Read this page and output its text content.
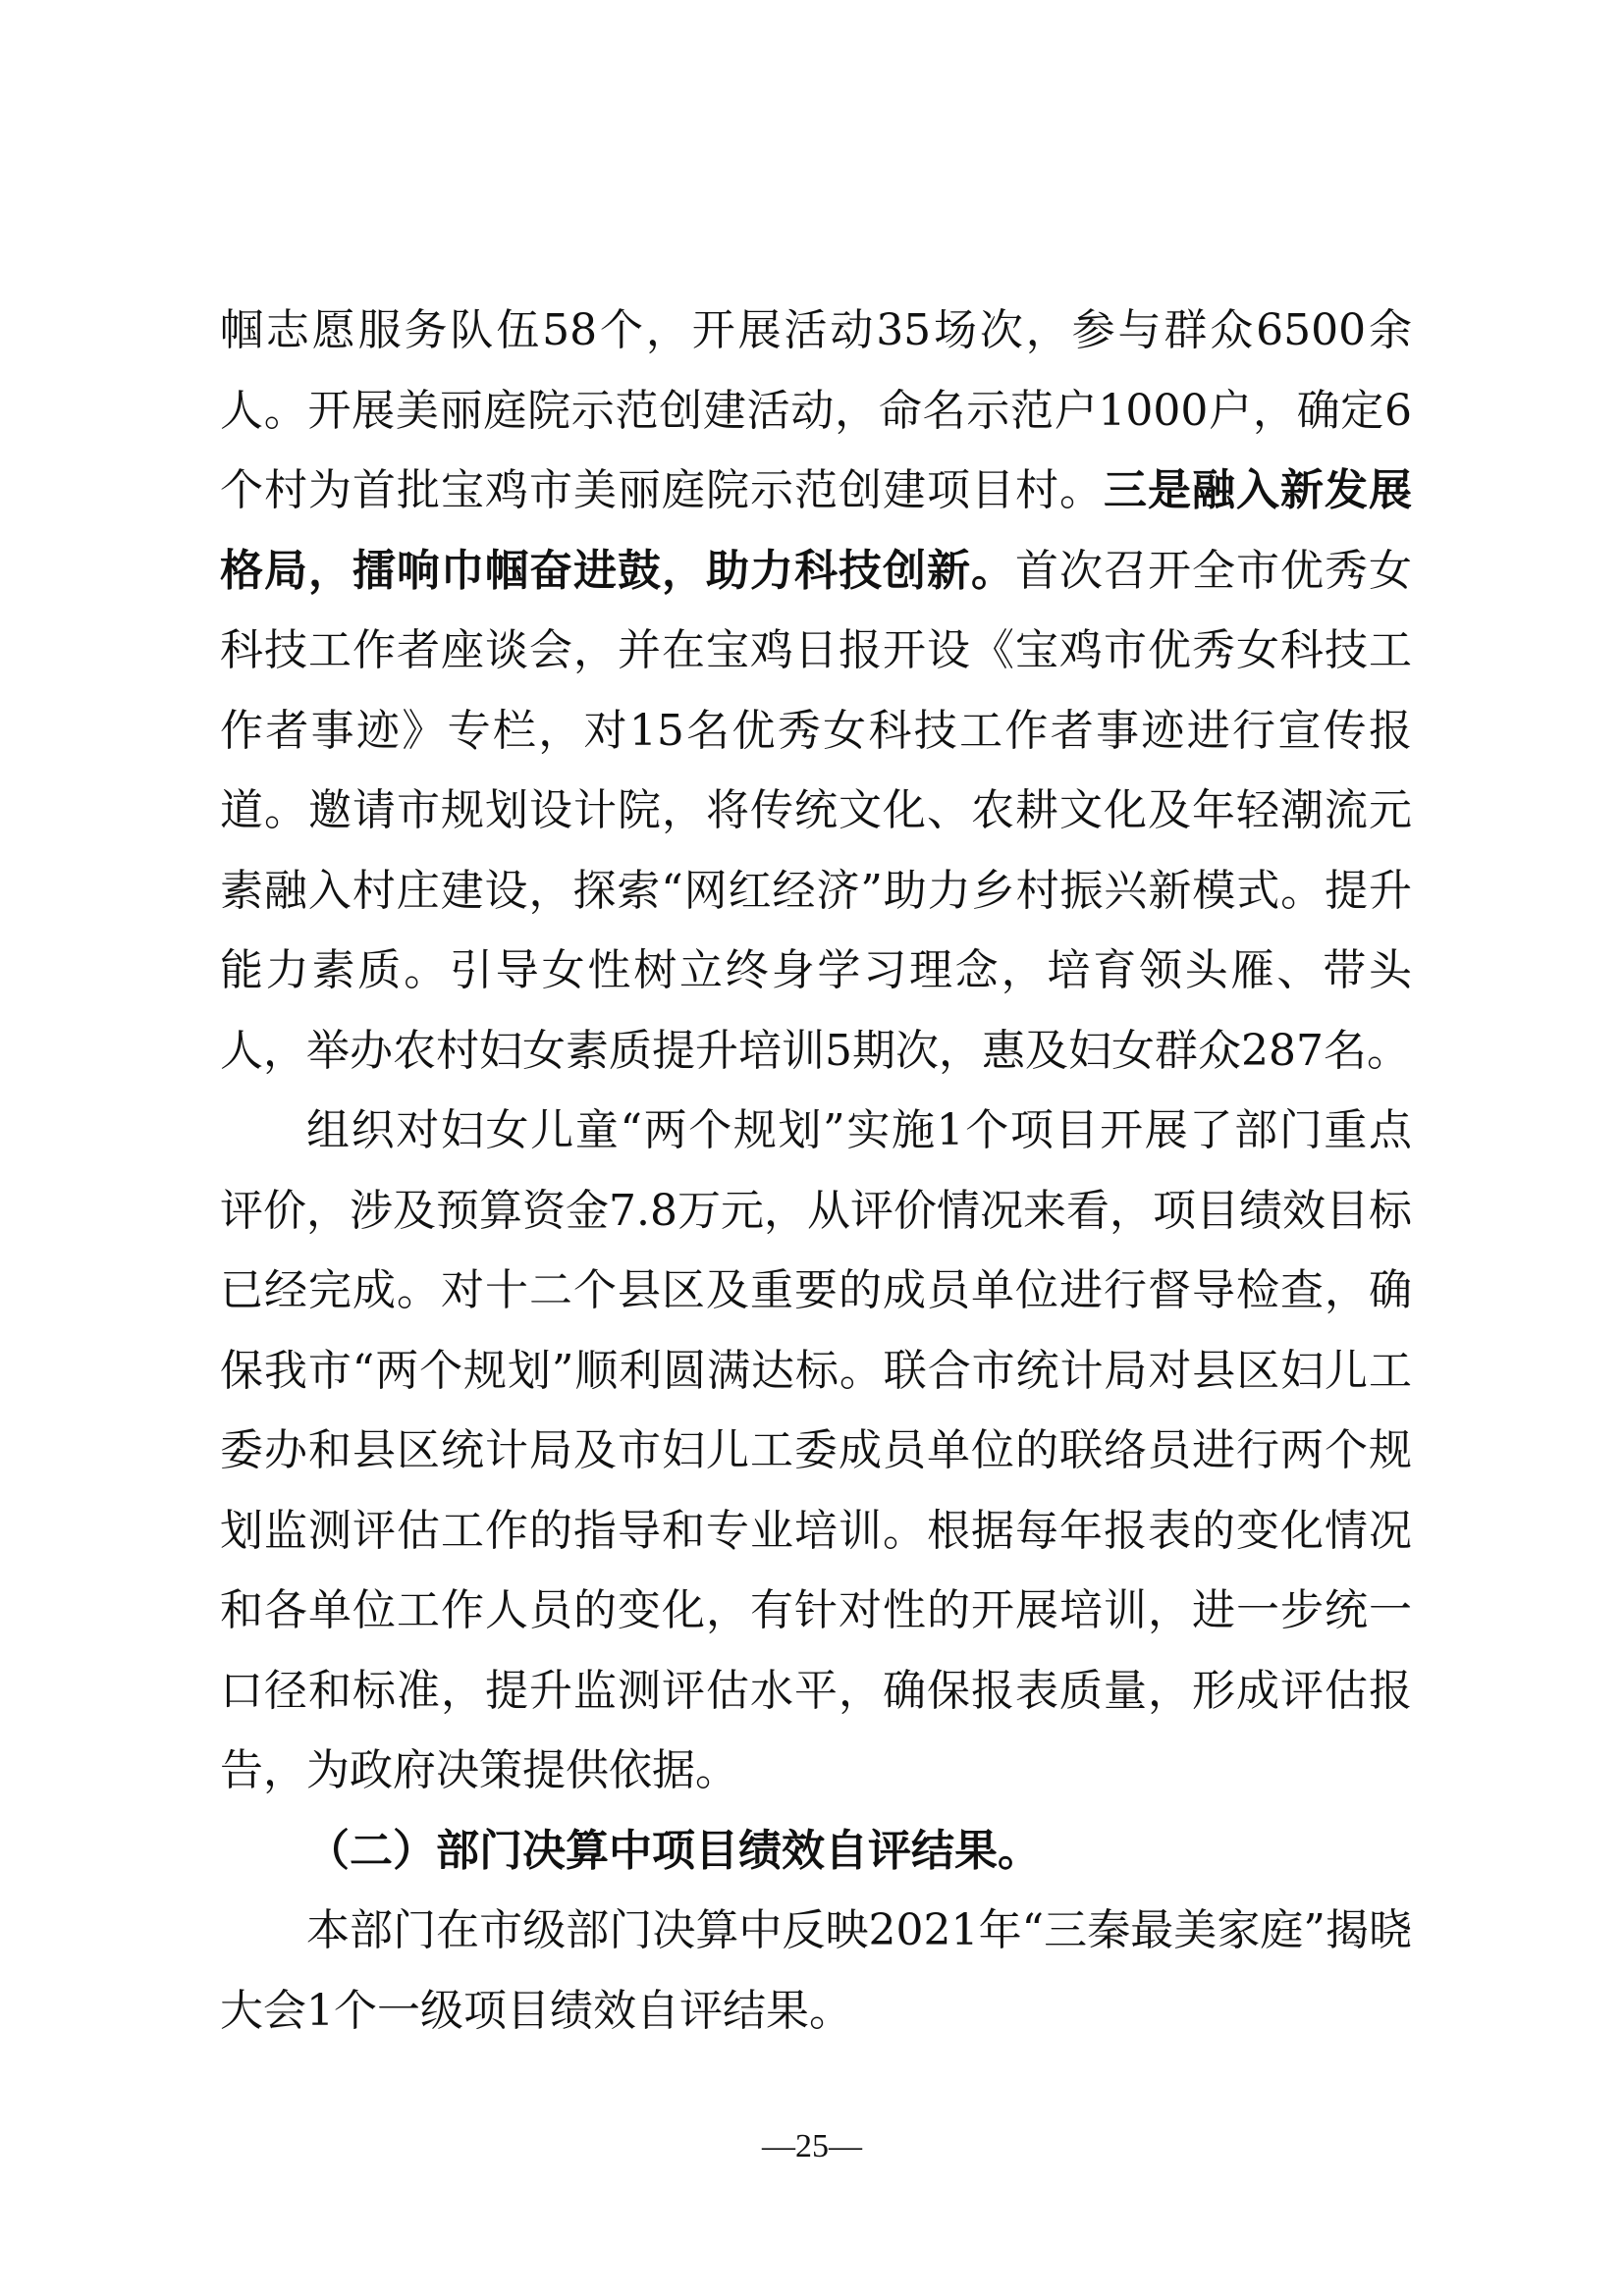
帼志愿服务队伍58个，开展活动35场次，参与群众6500余人。开展美丽庭院示范创建活动，命名示范户1000户，确定6个村为首批宝鸡市美丽庭院示范创建项目村。三是融入新发展格局，擂响巾帼奋进鼓，助力科技创新。首次召开全市优秀女科技工作者座谈会，并在宝鸡日报开设《宝鸡市优秀女科技工作者事迹》专栏，对15名优秀女科技工作者事迹进行宣传报道。邀请市规划设计院，将传统文化、农耕文化及年轻潮流元素融入村庄建设，探索“网红经济”助力乡村振兴新模式。提升能力素质。引导女性树立终身学习理念，培育领头雁、带头人，举办农村妇女素质提升培训5期次，惠及妇女群众287名。

组织对妇女儿童“两个规划”实施1个项目开展了部门重点评价，涉及预算资金7.8万元，从评价情况来看，项目绩效目标已经完成。对十二个县区及重要的成员单位进行督导检查，确保我市“两个规划”顺利圆满达标。联合市统计局对县区妇儿工委办和县区统计局及市妇儿工委成员单位的联络员进行两个规划监测评估工作的指导和专业培训。根据每年报表的变化情况和各单位工作人员的变化，有针对性的开展培训，进一步统一口径和标准，提升监测评估水平，确保报表质量，形成评估报告，为政府决策提供依据。

（二）部门决算中项目绩效自评结果。

本部门在市级部门决算中反映2021年“三秦最美家庭”揭晓大会1个一级项目绩效自评结果。

—25—
